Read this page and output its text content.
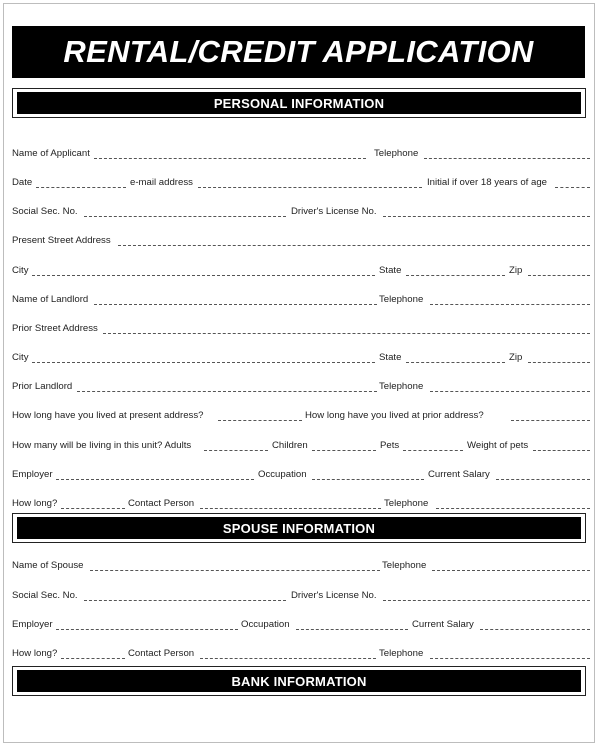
RENTAL/CREDIT APPLICATION
PERSONAL INFORMATION
Name of Applicant	Telephone
Date	e-mail address	Initial if over 18 years of age
Social Sec. No.	Driver's License No.
Present Street Address
City	State	Zip
Name of Landlord	Telephone
Prior Street Address
City	State	Zip
Prior Landlord	Telephone
How long have you lived at present address?	How long have you lived at prior address?
How many will be living in this unit? Adults	Children	Pets	Weight of pets
Employer	Occupation	Current Salary
How long?	Contact Person	Telephone
SPOUSE INFORMATION
Name of Spouse	Telephone
Social Sec. No.	Driver's License No.
Employer	Occupation	Current Salary
How long?	Contact Person	Telephone
BANK INFORMATION
